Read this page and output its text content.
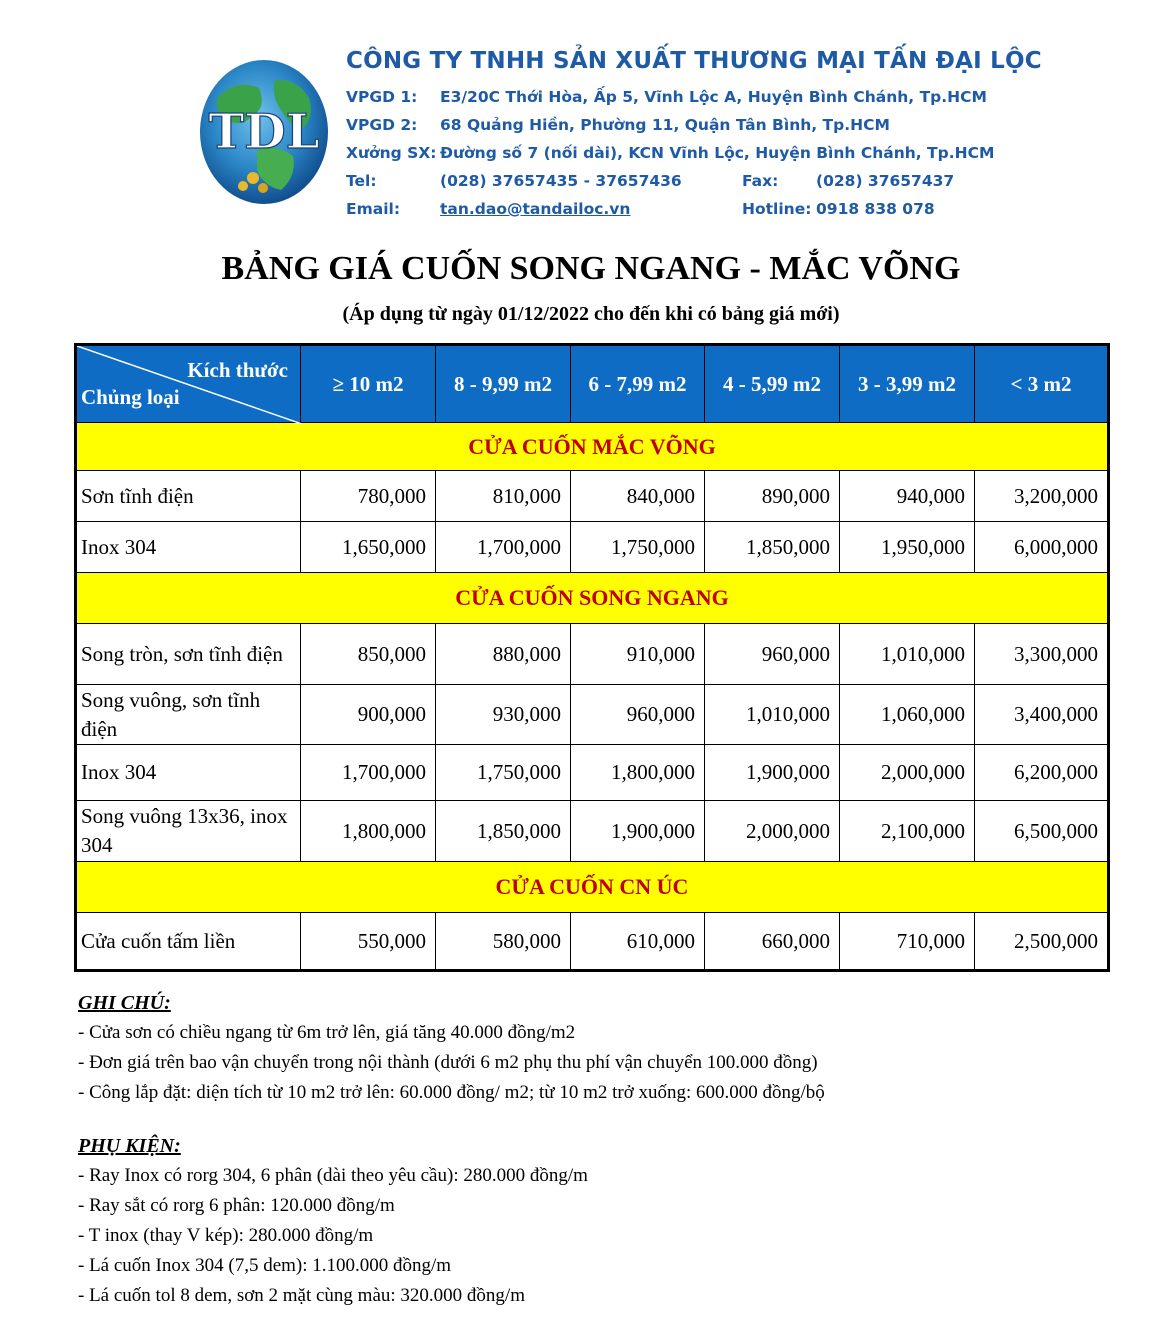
TDL
CÔNG TY TNHH SẢN XUẤT THƯƠNG MẠI TẤN ĐẠI LỘC
VPGD 1: E3/20C Thới Hòa, Ấp 5, Vĩnh Lộc A, Huyện Bình Chánh, Tp.HCM
VPGD 2: 68 Quảng Hiền, Phường 11, Quận Tân Bình, Tp.HCM
Xưởng SX: Đường số 7 (nối dài), KCN Vĩnh Lộc, Huyện Bình Chánh, Tp.HCM
Tel:	(028) 37657435 - 37657436	Fax: (028) 37657437
Email:	tan.dao@tandailoc.vn	Hotline: 0918 838 078
BẢNG GIÁ CUỐN SONG NGANG - MẮC VÕNG
(Áp dụng từ ngày 01/12/2022 cho đến khi có bảng giá mới)
Kích thước
Chủng loại	≥ 10 m2	8 - 9,99 m2	6 - 7,99 m2	4 - 5,99 m2	3 - 3,99 m2	< 3 m2
CỬA CUỐN MẮC VÕNG						
Sơn tĩnh điện	780,000	810,000	840,000	890,000	940,000	3,200,000
Inox 304	1,650,000	1,700,000	1,750,000	1,850,000	1,950,000	6,000,000
CỬA CUỐN SONG NGANG						
Song tròn, sơn tĩnh điện	850,000	880,000	910,000	960,000	1,010,000	3,300,000
Song vuông, sơn tĩnh điện	900,000	930,000	960,000	1,010,000	1,060,000	3,400,000
Inox 304	1,700,000	1,750,000	1,800,000	1,900,000	2,000,000	6,200,000
Song vuông 13x36, inox 304	1,800,000	1,850,000	1,900,000	2,000,000	2,100,000	6,500,000
CỬA CUỐN CN ÚC						
Cửa cuốn tấm liền	550,000	580,000	610,000	660,000	710,000	2,500,000
GHI CHÚ:
- Cửa sơn có chiều ngang từ 6m trở lên, giá tăng 40.000 đồng/m2
- Đơn giá trên bao vận chuyển trong nội thành (dưới 6 m2 phụ thu phí vận chuyển 100.000 đồng)
- Công lắp đặt: diện tích từ 10 m2 trở lên: 60.000 đồng/ m2; từ 10 m2 trở xuống: 600.000 đồng/bộ
PHỤ KIỆN:
- Ray Inox có rorg 304, 6 phân (dài theo yêu cầu): 280.000 đồng/m
- Ray sắt có rorg 6 phân: 120.000 đồng/m
- T inox (thay V kép): 280.000 đồng/m
- Lá cuốn Inox 304 (7,5 dem): 1.100.000 đồng/m
- Lá cuốn tol 8 dem, sơn 2 mặt cùng màu: 320.000 đồng/m
